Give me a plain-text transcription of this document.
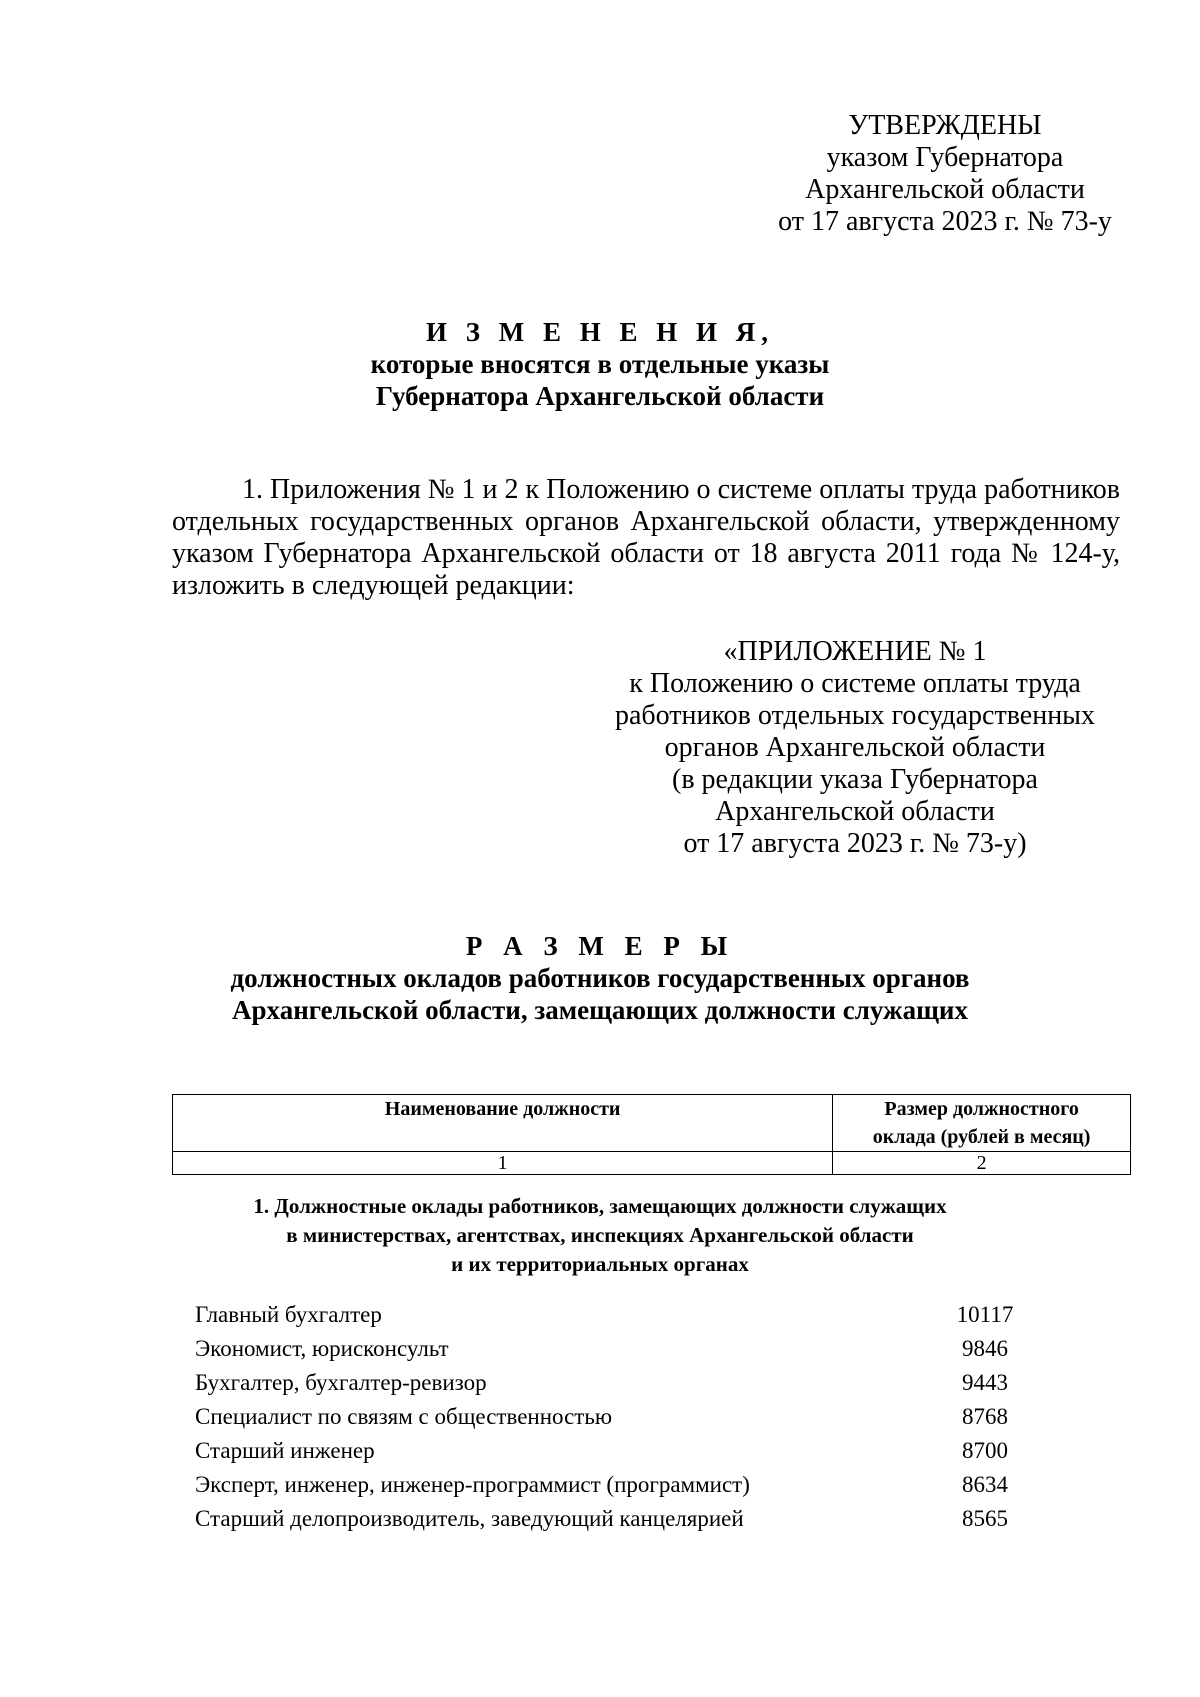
УТВЕРЖДЕНЫ
указом Губернатора
Архангельской области
от 17 августа 2023 г. № 73-у
И З М Е Н Е Н И Я,
которые вносятся в отдельные указы
Губернатора Архангельской области
1. Приложения № 1 и 2 к Положению о системе оплаты труда работников
отдельных государственных органов Архангельской области, утвержденному
указом Губернатора Архангельской области от 18 августа 2011 года № 124-у,
изложить в следующей редакции:
«ПРИЛОЖЕНИЕ № 1
к Положению о системе оплаты труда
работников отдельных государственных
органов Архангельской области
(в редакции указа Губернатора
Архангельской области
от 17 августа 2023 г. № 73-у)
Р А З М Е Р Ы
должностных окладов работников государственных органов
Архангельской области, замещающих должности служащих
Наименование должности	Размер должностного
оклада (рублей в месяц)

1	2
1. Должностные оклады работников, замещающих должности служащих
в министерствах, агентствах, инспекциях Архангельской области
и их территориальных органах
Главный бухгалтер	10117
Экономист, юрисконсульт	9846
Бухгалтер, бухгалтер-ревизор	9443
Специалист по связям с общественностью	8768
Старший инженер	8700
Эксперт, инженер, инженер-программист (программист)	8634
Старший делопроизводитель, заведующий канцелярией	8565
